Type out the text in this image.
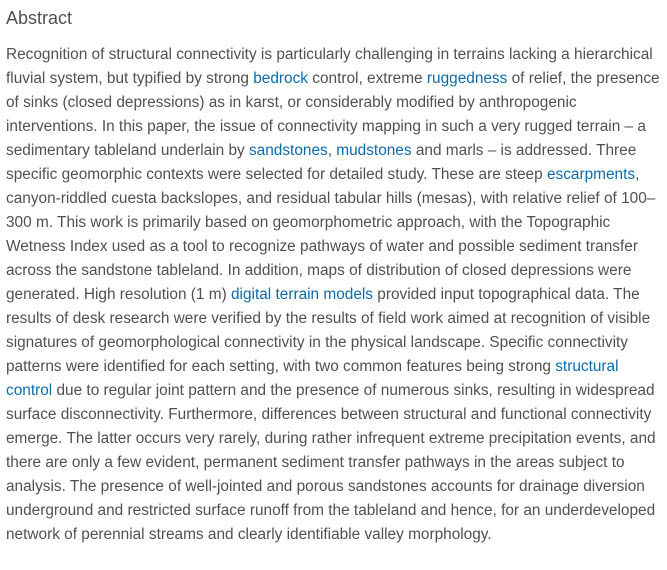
Abstract

Recognition of structural connectivity is particularly challenging in terrains lacking a hierarchical fluvial system, but typified by strong bedrock control, extreme ruggedness of relief, the presence of sinks (closed depressions) as in karst, or considerably modified by anthropogenic interventions. In this paper, the issue of connectivity mapping in such a very rugged terrain – a sedimentary tableland underlain by sandstones, mudstones and marls – is addressed. Three specific geomorphic contexts were selected for detailed study. These are steep escarpments, canyon-riddled cuesta backslopes, and residual tabular hills (mesas), with relative relief of 100–300 m. This work is primarily based on geomorphometric approach, with the Topographic Wetness Index used as a tool to recognize pathways of water and possible sediment transfer across the sandstone tableland. In addition, maps of distribution of closed depressions were generated. High resolution (1 m) digital terrain models provided input topographical data. The results of desk research were verified by the results of field work aimed at recognition of visible signatures of geomorphological connectivity in the physical landscape. Specific connectivity patterns were identified for each setting, with two common features being strong structural control due to regular joint pattern and the presence of numerous sinks, resulting in widespread surface disconnectivity. Furthermore, differences between structural and functional connectivity emerge. The latter occurs very rarely, during rather infrequent extreme precipitation events, and there are only a few evident, permanent sediment transfer pathways in the areas subject to analysis. The presence of well-jointed and porous sandstones accounts for drainage diversion underground and restricted surface runoff from the tableland and hence, for an underdeveloped network of perennial streams and clearly identifiable valley morphology.
